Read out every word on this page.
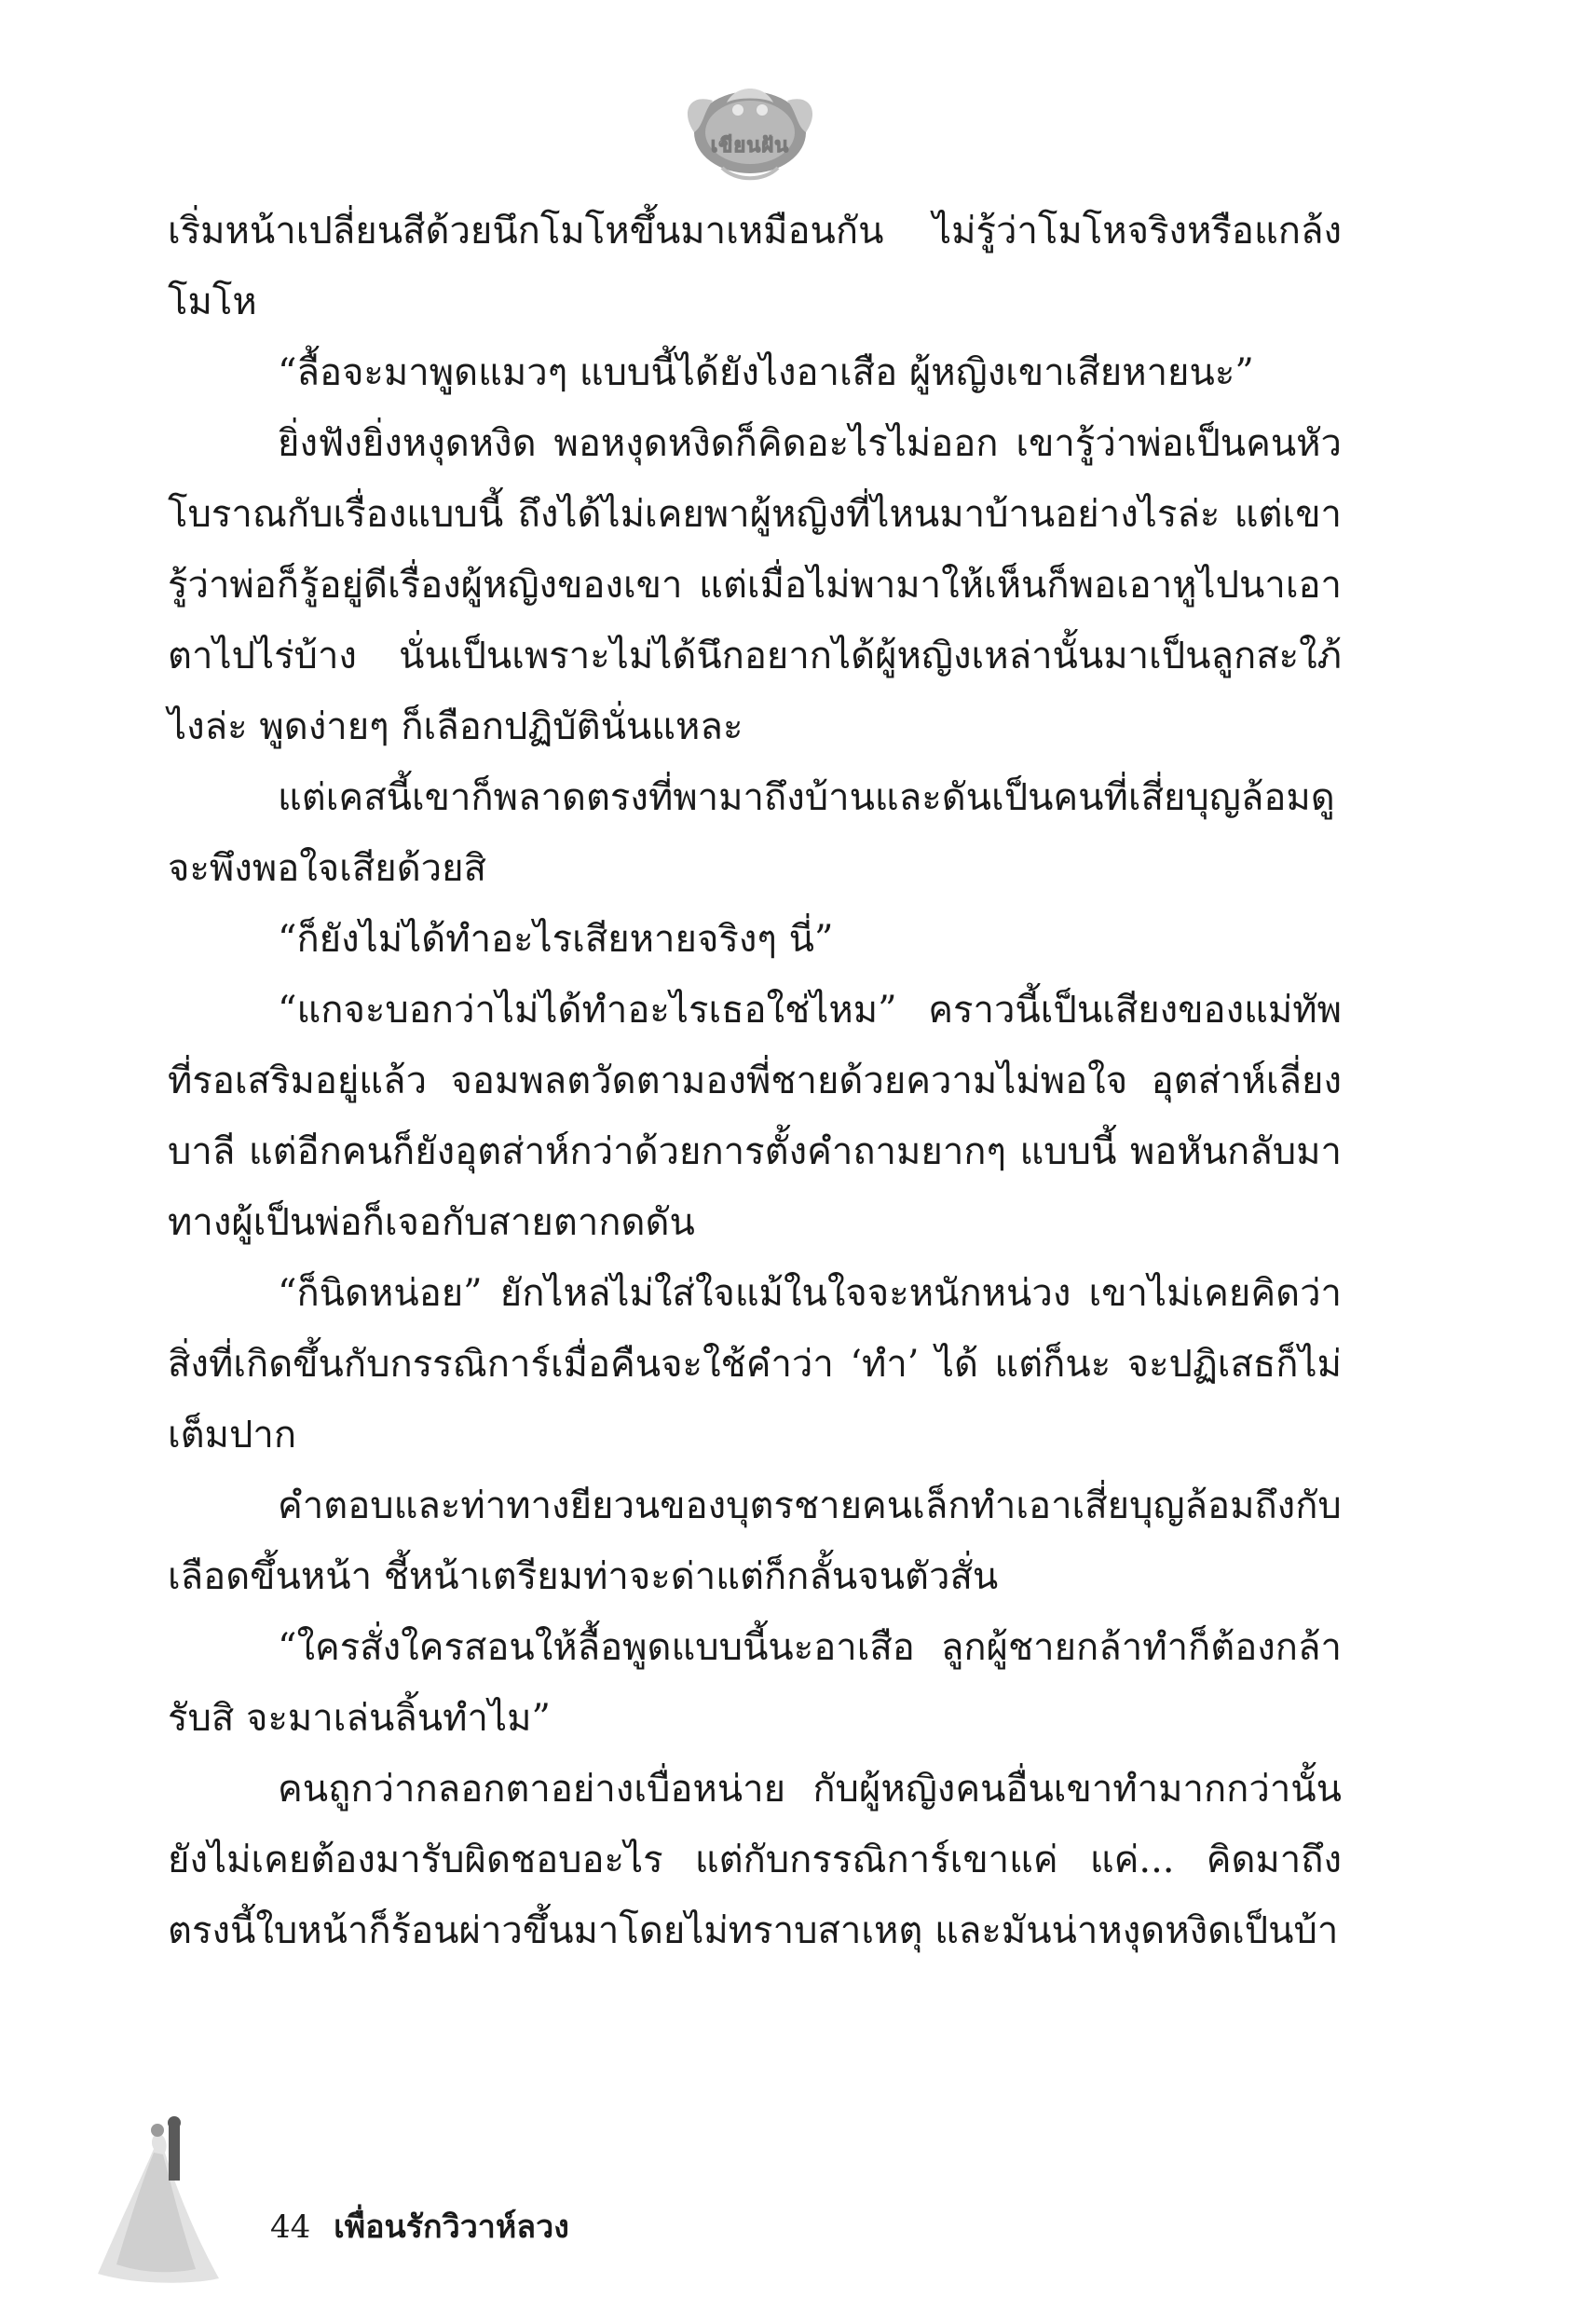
เขียนฝัน

เริ่มหน้าเปลี่ยนสีด้วยนึกโมโหขึ้นมาเหมือนกัน ไม่รู้ว่าโมโหจริงหรือแกล้งโมโห

“ลื้อจะมาพูดแมวๆ แบบนี้ได้ยังไงอาเสือ ผู้หญิงเขาเสียหายนะ”

ยิ่งฟังยิ่งหงุดหงิด พอหงุดหงิดก็คิดอะไรไม่ออก เขารู้ว่าพ่อเป็นคนหัวโบราณกับเรื่องแบบนี้ ถึงได้ไม่เคยพาผู้หญิงที่ไหนมาบ้านอย่างไรล่ะ แต่เขารู้ว่าพ่อก็รู้อยู่ดีเรื่องผู้หญิงของเขา แต่เมื่อไม่พามาให้เห็นก็พอเอาหูไปนาเอาตาไปไร่บ้าง นั่นเป็นเพราะไม่ได้นึกอยากได้ผู้หญิงเหล่านั้นมาเป็นลูกสะใภ้ไงล่ะ พูดง่ายๆ ก็เลือกปฏิบัตินั่นแหละ

แต่เคสนี้เขาก็พลาดตรงที่พามาถึงบ้านและดันเป็นคนที่เสี่ยบุญล้อมดูจะพึงพอใจเสียด้วยสิ

“ก็ยังไม่ได้ทำอะไรเสียหายจริงๆ นี่”

“แกจะบอกว่าไม่ได้ทำอะไรเธอใช่ไหม” คราวนี้เป็นเสียงของแม่ทัพที่รอเสริมอยู่แล้ว จอมพลตวัดตามองพี่ชายด้วยความไม่พอใจ อุตส่าห์เลี่ยงบาลี แต่อีกคนก็ยังอุตส่าห์กว่าด้วยการตั้งคำถามยากๆ แบบนี้ พอหันกลับมาทางผู้เป็นพ่อก็เจอกับสายตากดดัน

“ก็นิดหน่อย” ยักไหล่ไม่ใส่ใจแม้ในใจจะหนักหน่วง เขาไม่เคยคิดว่าสิ่งที่เกิดขึ้นกับกรรณิการ์เมื่อคืนจะใช้คำว่า ‘ทำ’ ได้ แต่ก็นะ จะปฏิเสธก็ไม่เต็มปาก

คำตอบและท่าทางยียวนของบุตรชายคนเล็กทำเอาเสี่ยบุญล้อมถึงกับเลือดขึ้นหน้า ชี้หน้าเตรียมท่าจะด่าแต่ก็กลั้นจนตัวสั่น

“ใครสั่งใครสอนให้ลื้อพูดแบบนี้นะอาเสือ ลูกผู้ชายกล้าทำก็ต้องกล้ารับสิ จะมาเล่นลิ้นทำไม”

คนถูกว่ากลอกตาอย่างเบื่อหน่าย กับผู้หญิงคนอื่นเขาทำมากกว่านั้นยังไม่เคยต้องมารับผิดชอบอะไร แต่กับกรรณิการ์เขาแค่ แค่... คิดมาถึงตรงนี้ใบหน้าก็ร้อนผ่าวขึ้นมาโดยไม่ทราบสาเหตุ และมันน่าหงุดหงิดเป็นบ้า

44 เพื่อนรักวิวาห์ลวง
